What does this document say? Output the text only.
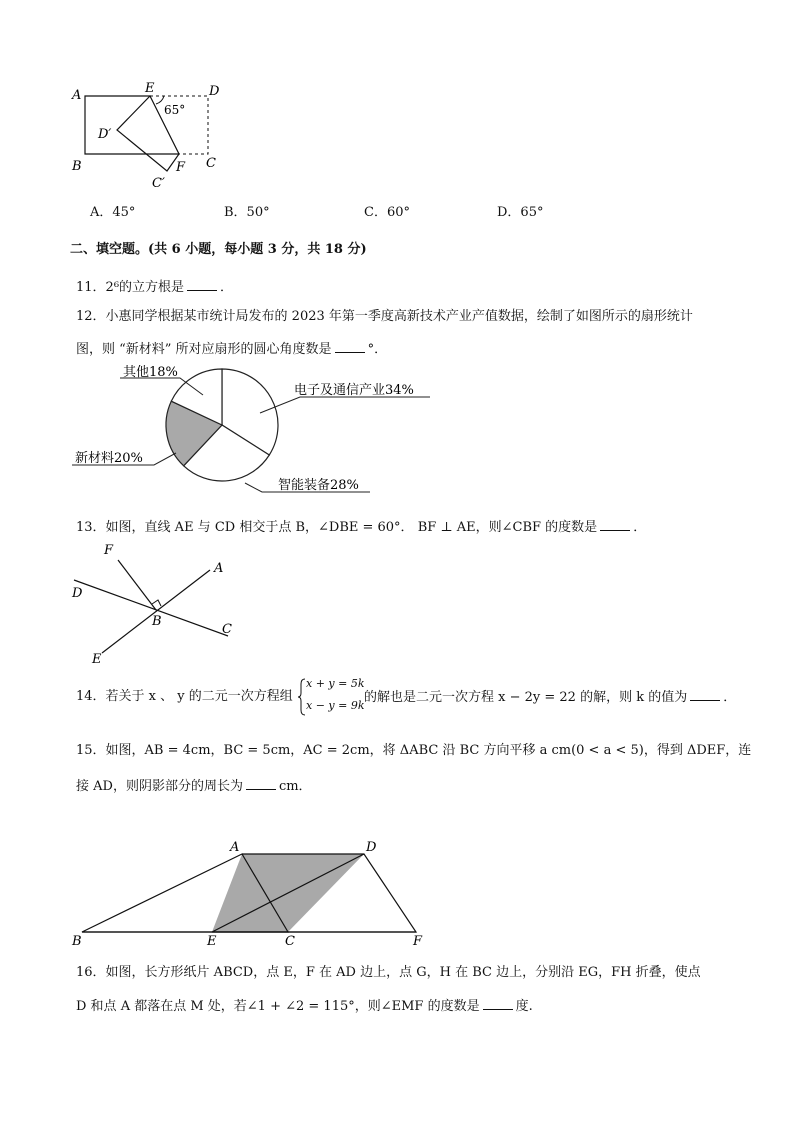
A
B
E	D
C
D′
F
C′
65°
A．45°	B．50°	C．60°	D．65°
二、填空题。(共 6 小题，每小题 3 分，共 18 分)
11．2⁶的立方根是	．
12．小惠同学根据某市统计局发布的 2023 年第一季度高新技术产业产值数据，绘制了如图所示的扇形统计
图，则 “新材料” 所对应扇形的圆心角度数是	°．
其他18%
电子及通信产业34%
新材料20%
智能装备28%
13．如图，直线 AE 与 CD 相交于点 B，∠DBE = 60°． BF ⊥ AE，则∠CBF 的度数是	．
F
A
D
B
C
E
14．若关于 x 、 y 的二元一次方程组
x + y = 5k
x − y = 9k
的解也是二元一次方程 x − 2y = 22 的解，则 k 的值为	．
15．如图，AB = 4cm，BC = 5cm，AC = 2cm，将 ΔABC 沿 BC 方向平移 a cm(0 < a < 5)，得到 ΔDEF，连
接 AD，则阴影部分的周长为	cm．
A	D
B	E	C	F
16．如图，长方形纸片 ABCD，点 E，F 在 AD 边上，点 G，H 在 BC 边上，分别沿 EG，FH 折叠，使点
D 和点 A 都落在点 M 处，若∠1 + ∠2 = 115°，则∠EMF 的度数是	度.
